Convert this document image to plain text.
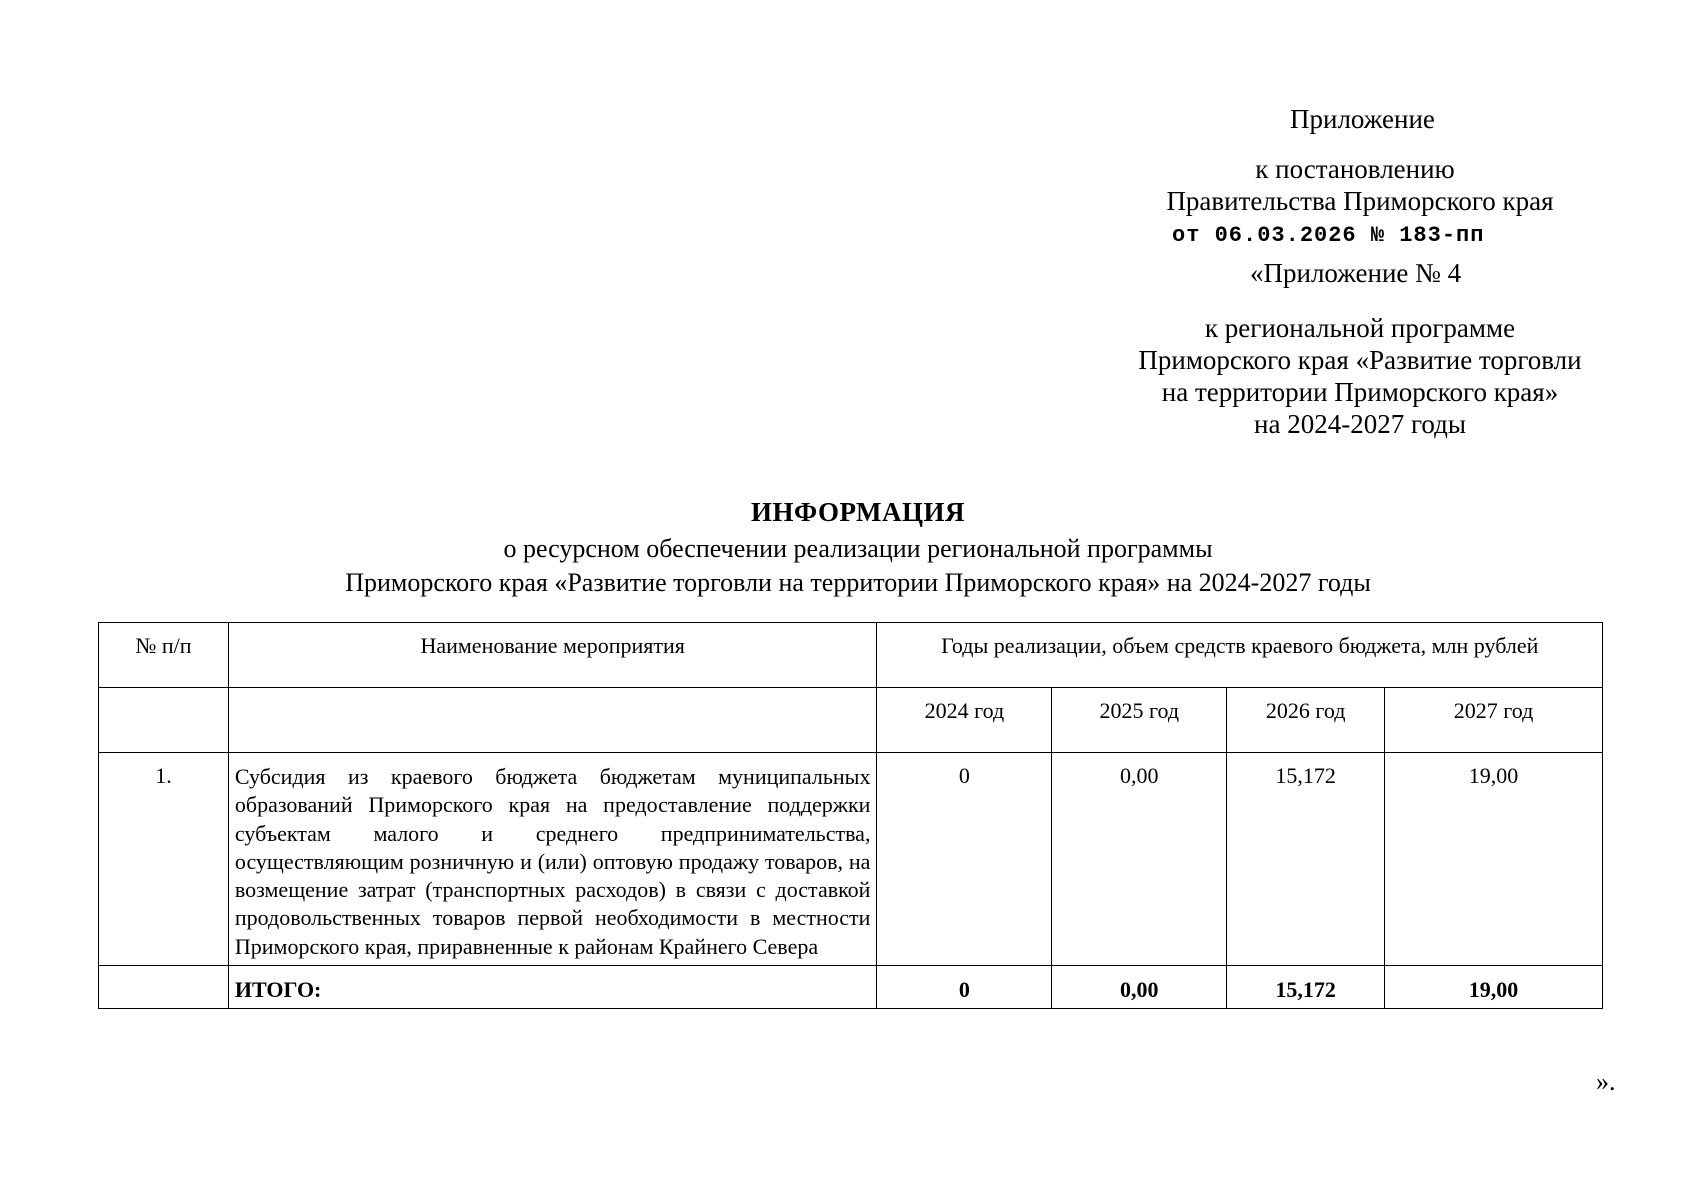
Приложение
к постановлению
Правительства Приморского края
от 06.03.2026 № 183-пп
«Приложение № 4
к региональной программе
Приморского края «Развитие торговли
на территории Приморского края»
на 2024-2027 годы
ИНФОРМАЦИЯ
о ресурсном обеспечении реализации региональной программы
Приморского края «Развитие торговли на территории Приморского края» на 2024-2027 годы
№ п/п	Наименование мероприятия	Годы реализации, объем средств краевого бюджета, млн рублей			
		2024 год	2025 год	2026 год	2027 год
1.	Субсидия из краевого бюджета бюджетам муниципальных образований Приморского края на предоставление поддержки субъектам малого и среднего предпринимательства, осуществляющим розничную и (или) оптовую продажу товаров, на возмещение затрат (транспортных расходов) в связи с доставкой продовольственных товаров первой необходимости в местности Приморского края, приравненные к районам Крайнего Севера	0	0,00	15,172	19,00
	ИТОГО:	0	0,00	15,172	19,00
».
